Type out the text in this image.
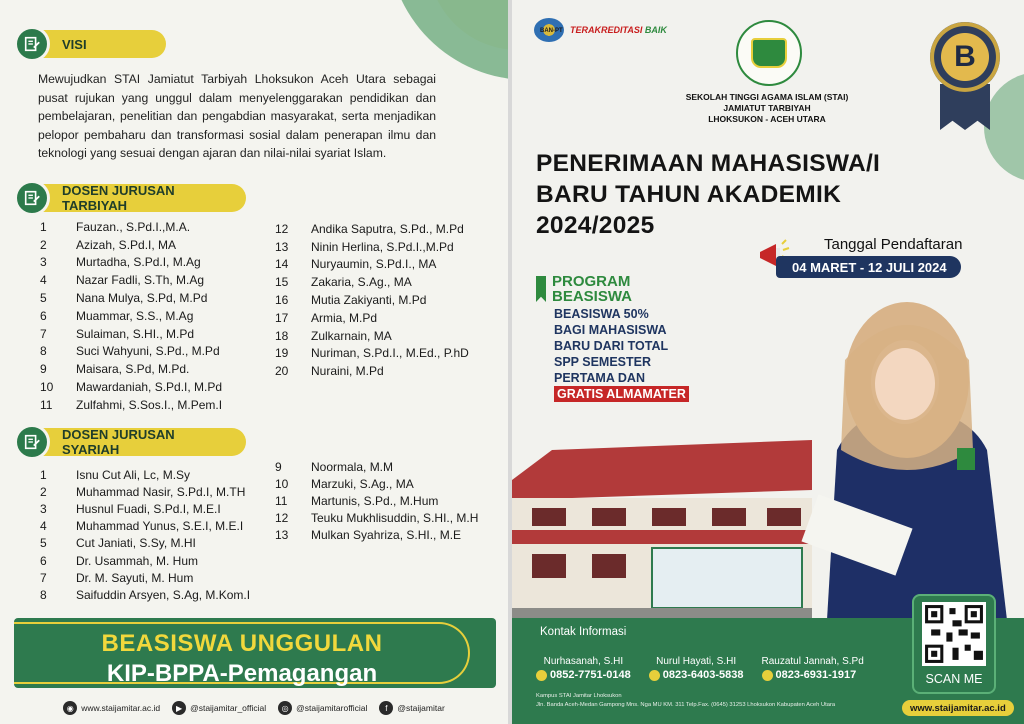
VISI

Mewujudkan STAI Jamiatut Tarbiyah Lhoksukon Aceh Utara sebagai pusat rujukan yang unggul dalam menyelenggarakan pendidikan dan pembelajaran, penelitian dan pengabdian masyarakat, serta menjadikan pelopor pembaharu dan transformasi sosial dalam penerapan ilmu dan teknologi yang sesuai dengan ajaran dan nilai-nilai syariat Islam.

DOSEN JURUSAN TARBIYAH
1	Fauzan., S.Pd.I.,M.A.
2	Azizah, S.Pd.I, MA
3	Murtadha, S.Pd.I, M.Ag
4	Nazar Fadli, S.Th, M.Ag
5	Nana Mulya, S.Pd, M.Pd
6	Muammar, S.S., M.Ag
7	Sulaiman, S.HI., M.Pd
8	Suci Wahyuni, S.Pd., M.Pd
9	Maisara, S.Pd, M.Pd.
10	Mawardaniah, S.Pd.I, M.Pd
11	Zulfahmi, S.Sos.I., M.Pem.I
12	Andika Saputra, S.Pd., M.Pd
13	Ninin Herlina, S.Pd.I.,M.Pd
14	Nuryaumin, S.Pd.I., MA
15	Zakaria, S.Ag., MA
16	Mutia Zakiyanti, M.Pd
17	Armia, M.Pd
18	Zulkarnain, MA
19	Nuriman, S.Pd.I., M.Ed., P.hD
20	Nuraini, M.Pd
DOSEN JURUSAN SYARIAH
1	Isnu Cut Ali, Lc, M.Sy
2	Muhammad Nasir, S.Pd.I, M.TH
3	Husnul Fuadi, S.Pd.I, M.E.I
4	Muhammad Yunus, S.E.I, M.E.I
5	Cut Janiati, S.Sy, M.HI
6	Dr. Usammah, M. Hum
7	Dr. M. Sayuti, M. Hum
8	Saifuddin Arsyen, S.Ag, M.Kom.I
9	Noormala, M.M
10	Marzuki, S.Ag., MA
11	Martunis, S.Pd., M.Hum
12	Teuku Mukhlisuddin, S.HI., M.H
13	Mulkan Syahriza, S.HI., M.E
BEASISWA UNGGULAN
KIP-BPPA-Pemagangan
◉ www.staijamitar.ac.id	▶ @staijamitar_official	◎ @staijamitarofficial	f	@staijamitar
TERAKREDITASI BAIK
BAN-PT
SEKOLAH TINGGI AGAMA ISLAM (STAI)
JAMIATUT TARBIYAH
LHOKSUKON - ACEH UTARA
B
PENERIMAAN MAHASISWA/I
BARU TAHUN AKADEMIK
2024/2025
Tanggal Pendaftaran
04 MARET - 12 JULI 2024
PROGRAM
BEASISWA
BEASISWA 50%
BAGI MAHASISWA
BARU DARI TOTAL
SPP SEMESTER
PERTAMA DAN
GRATIS ALMAMATER
Kontak Informasi
Nurhasanah, S.HI
0852-7751-0148
Nurul Hayati, S.HI
0823-6403-5838
Rauzatul Jannah, S.Pd
0823-6931-1917
Kampus STAI Jamitar Lhoksukon
Jln. Banda Aceh-Medan Gampong Mns. Nga MU KM. 311 Telp.Fax. (0645) 31253 Lhoksukon Kabupaten Aceh Utara	www.staijamitar.ac.id
SCAN ME
